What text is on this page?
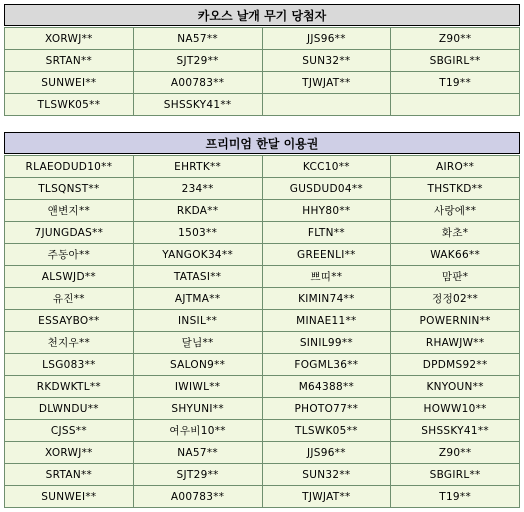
카오스 날개 무기 당첨자
XORWJ**	NA57**	JJS96**	Z90**
SRTAN**	SJT29**	SUN32**	SBGIRL**
SUNWEI**	A00783**	TJWJAT**	T19**
TLSWK05**	SHSSKY41**		
프리미엄 한달 이용권
RLAEODUD10**	EHRTK**	KCC10**	AIRO**
TLSQNST**	234**	GUSDUD04**	THSTKD**
앤변지**	RKDA**	HHY80**	사랑에**
7JUNGDAS**	1503**	FLTN**	화초*
주동아**	YANGOK34**	GREENLI**	WAK66**
ALSWJD**	TATASI**	쁘띠**	맘판*
유진**	AJTMA**	KIMIN74**	정정02**
ESSAYBO**	INSIL**	MINAE11**	POWERNIN**
천지우**	달님**	SINIL99**	RHAWJW**
LSG083**	SALON9**	FOGML36**	DPDMS92**
RKDWKTL**	IWIWL**	M64388**	KNYOUN**
DLWNDU**	SHYUNI**	PHOTO77**	HOWW10**
CJSS**	여우비10**	TLSWK05**	SHSSKY41**
XORWJ**	NA57**	JJS96**	Z90**
SRTAN**	SJT29**	SUN32**	SBGIRL**
SUNWEI**	A00783**	TJWJAT**	T19**
